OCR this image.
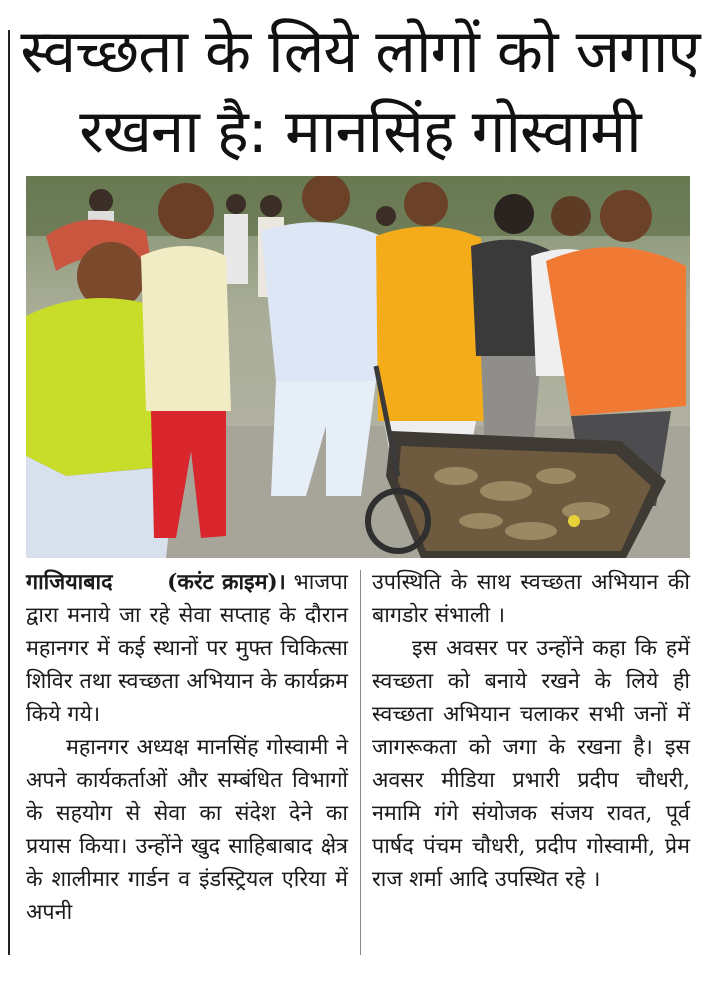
स्वच्छता के लिये लोगों को जगाए
रखना है: मानसिंह गोस्वामी

गाजियाबाद	(करंट क्राइम)। भाजपा द्वारा मनाये जा रहे सेवा सप्ताह के दौरान महानगर में कई स्थानों पर मुफ्त चिकित्सा शिविर तथा स्वच्छता अभियान के कार्यक्रम किये गये।

महानगर अध्यक्ष मानसिंह गोस्वामी ने अपने कार्यकर्ताओं और सम्बंधित विभागों के सहयोग से सेवा का संदेश देने का प्रयास किया। उन्होंने खुद साहिबाबाद क्षेत्र के शालीमार गार्डन व इंडस्ट्रियल एरिया में अपनी

उपस्थिति के साथ स्वच्छता अभियान की बागडोर संभाली ।

इस अवसर पर उन्होंने कहा कि हमें स्वच्छता को बनाये रखने के लिये ही स्वच्छता अभियान चलाकर सभी जनों में जागरूकता को जगा के रखना है। इस अवसर मीडिया प्रभारी प्रदीप चौधरी, नमामि गंगे संयोजक संजय रावत, पूर्व पार्षद पंचम चौधरी, प्रदीप गोस्वामी, प्रेम राज शर्मा आदि उपस्थित रहे ।
